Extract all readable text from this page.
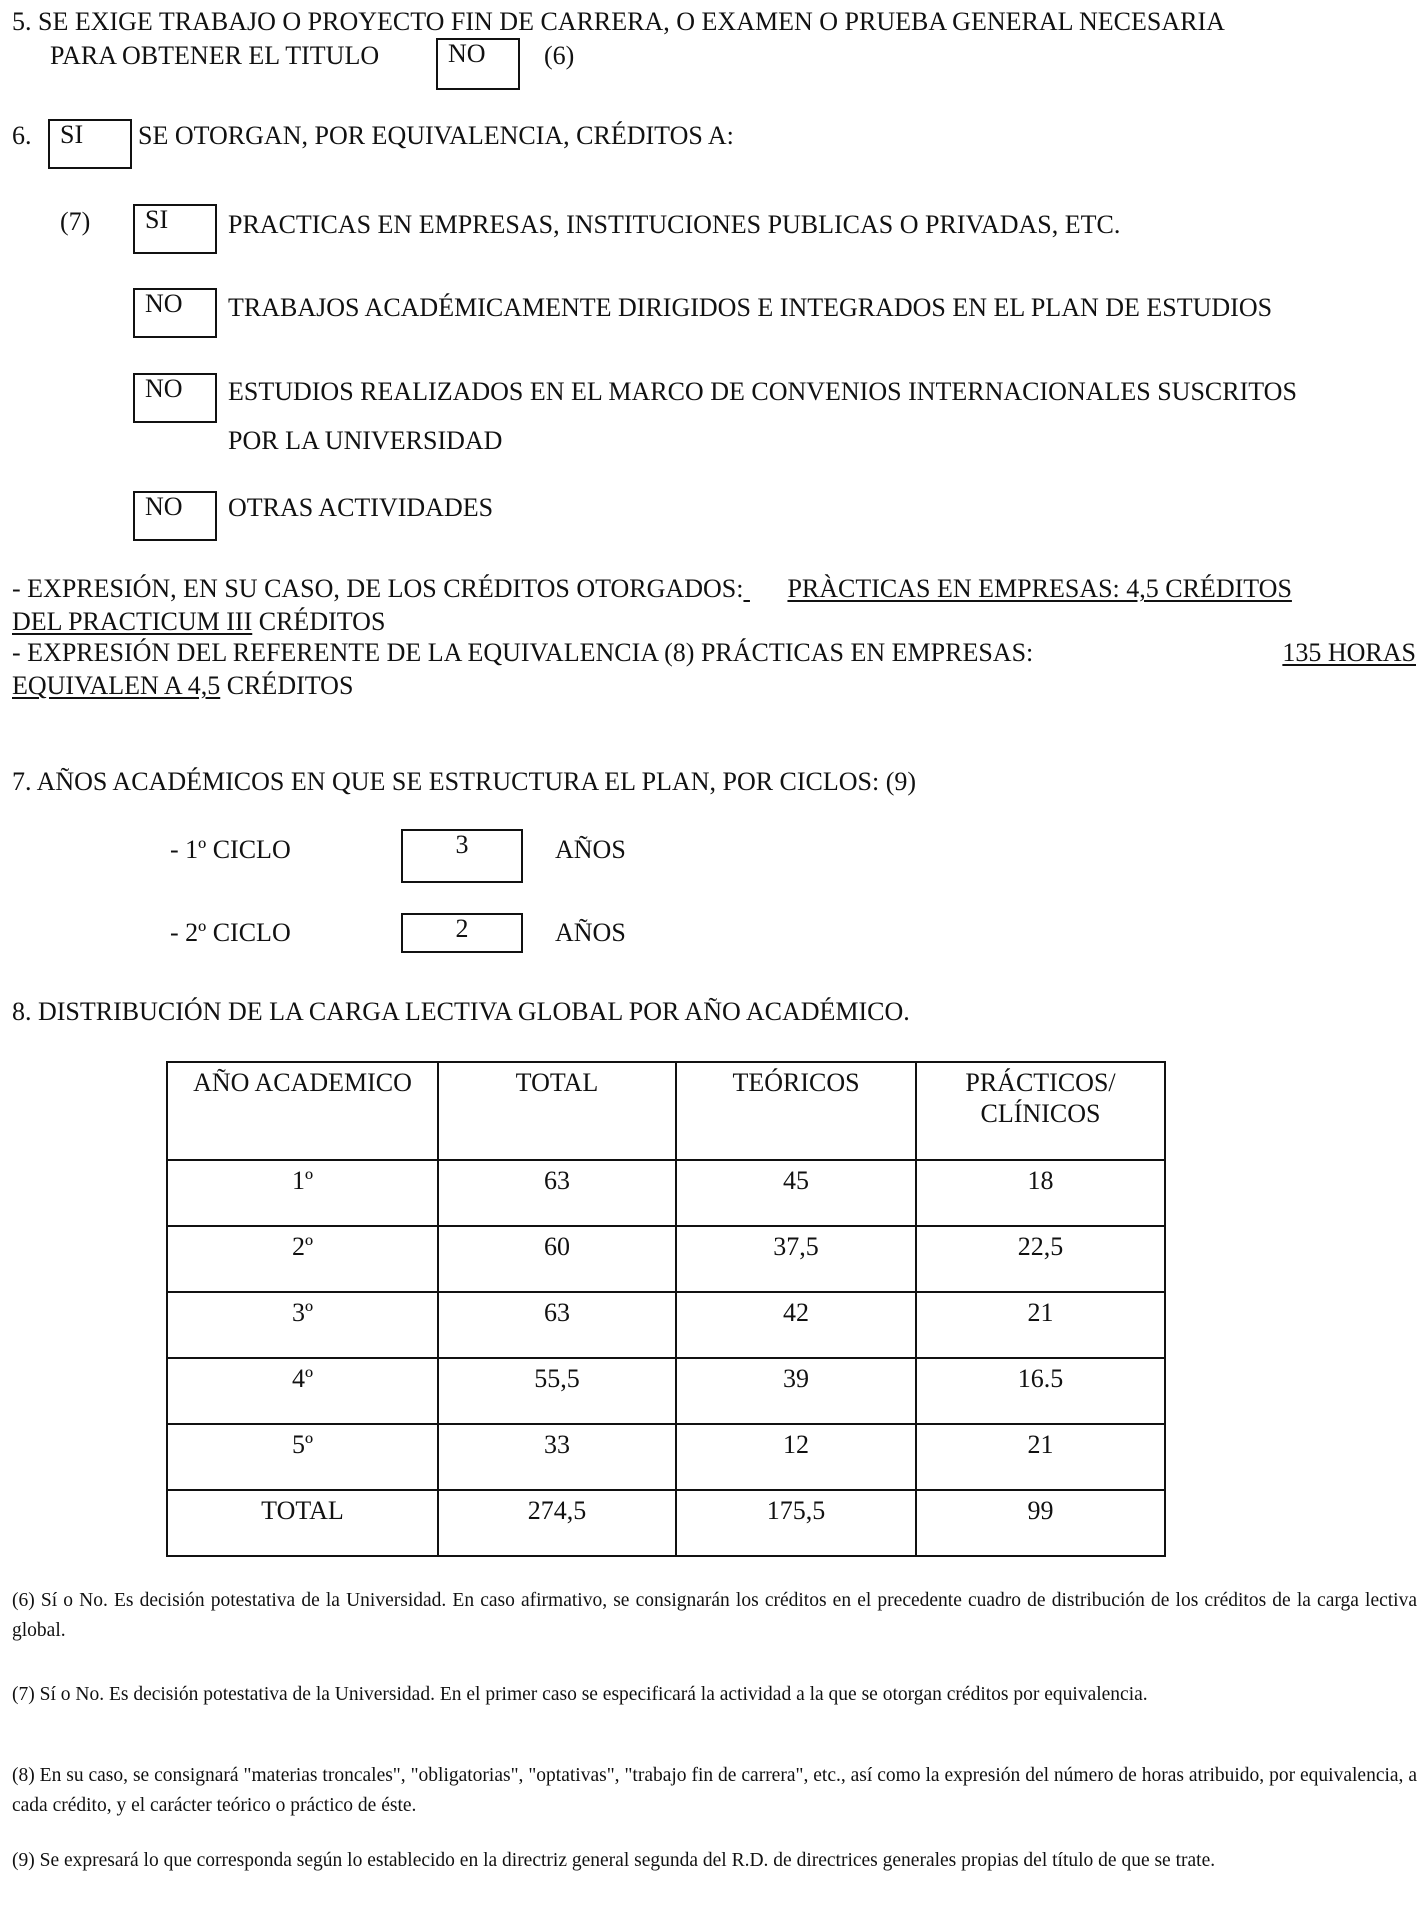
5. SE EXIGE TRABAJO O PROYECTO FIN DE CARRERA, O EXAMEN O PRUEBA GENERAL NECESARIA
PARA OBTENER EL TITULO	NO (6)
6. SI SE OTORGAN, POR EQUIVALENCIA, CRÉDITOS A:
(7) SI PRACTICAS EN EMPRESAS, INSTITUCIONES PUBLICAS O PRIVADAS, ETC.
NO TRABAJOS ACADÉMICAMENTE DIRIGIDOS E INTEGRADOS EN EL PLAN DE ESTUDIOS
NO ESTUDIOS REALIZADOS EN EL MARCO DE CONVENIOS INTERNACIONALES SUSCRITOS
POR LA UNIVERSIDAD
NO OTRAS ACTIVIDADES
- EXPRESIÓN, EN SU CASO, DE LOS CRÉDITOS OTORGADOS: PRÀCTICAS EN EMPRESAS: 4,5 CRÉDITOS
DEL PRACTICUM III CRÉDITOS
- EXPRESIÓN DEL REFERENTE DE LA EQUIVALENCIA (8) PRÁCTICAS EN EMPRESAS:	135 HORAS
EQUIVALEN A 4,5 CRÉDITOS
7. AÑOS ACADÉMICOS EN QUE SE ESTRUCTURA EL PLAN, POR CICLOS: (9)
- 1º CICLO	3	AÑOS
- 2º CICLO	2	AÑOS
8. DISTRIBUCIÓN DE LA CARGA LECTIVA GLOBAL POR AÑO ACADÉMICO.
AÑO ACADEMICO	TOTAL	TEÓRICOS	PRÁCTICOS/ CLÍNICOS
1º	63	45	18
2º	60	37,5	22,5
3º	63	42	21
4º	55,5	39	16.5
5º	33	12	21
TOTAL	274,5	175,5	99
(6) Sí o No. Es decisión potestativa de la Universidad. En caso afirmativo, se consignarán los créditos en el precedente cuadro de distribución de los créditos de la carga lectiva global.
(7) Sí o No. Es decisión potestativa de la Universidad. En el primer caso se especificará la actividad a la que se otorgan créditos por equivalencia.
(8) En su caso, se consignará "materias troncales", "obligatorias", "optativas", "trabajo fin de carrera", etc., así como la expresión del número de horas atribuido, por equivalencia, a cada crédito, y el carácter teórico o práctico de éste.
(9) Se expresará lo que corresponda según lo establecido en la directriz general segunda del R.D. de directrices generales propias del título de que se trate.
